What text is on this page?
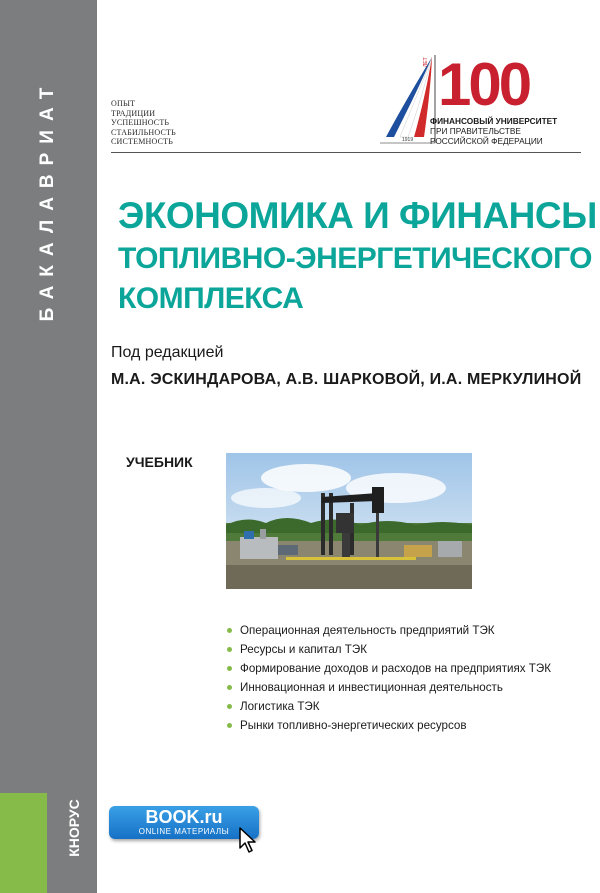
БАКАЛАВРИАТ
КНОРУС
ОПЫТ
ТРАДИЦИИ
УСПЕШНОСТЬ
СТАБИЛЬНОСТЬ
СИСТЕМНОСТЬ	1919
ЛЕТ 100
ФИНАНСОВЫЙ УНИВЕРСИТЕТ
ПРИ ПРАВИТЕЛЬСТВЕ
РОССИЙСКОЙ ФЕДЕРАЦИИ
ЭКОНОМИКА И ФИНАНСЫ
ТОПЛИВНО-ЭНЕРГЕТИЧЕСКОГО
КОМПЛЕКСА
Под редакцией
М.А. ЭСКИНДАРОВА, А.В. ШАРКОВОЙ, И.А. МЕРКУЛИНОЙ
УЧЕБНИК
Операционная деятельность предприятий ТЭК
Ресурсы и капитал ТЭК
Формирование доходов и расходов на предприятиях ТЭК
Инновационная и инвестиционная деятельность
Логистика ТЭК
Рынки топливно-энергетических ресурсов
BOOK.ru
ONLINE МАТЕРИАЛЫ
